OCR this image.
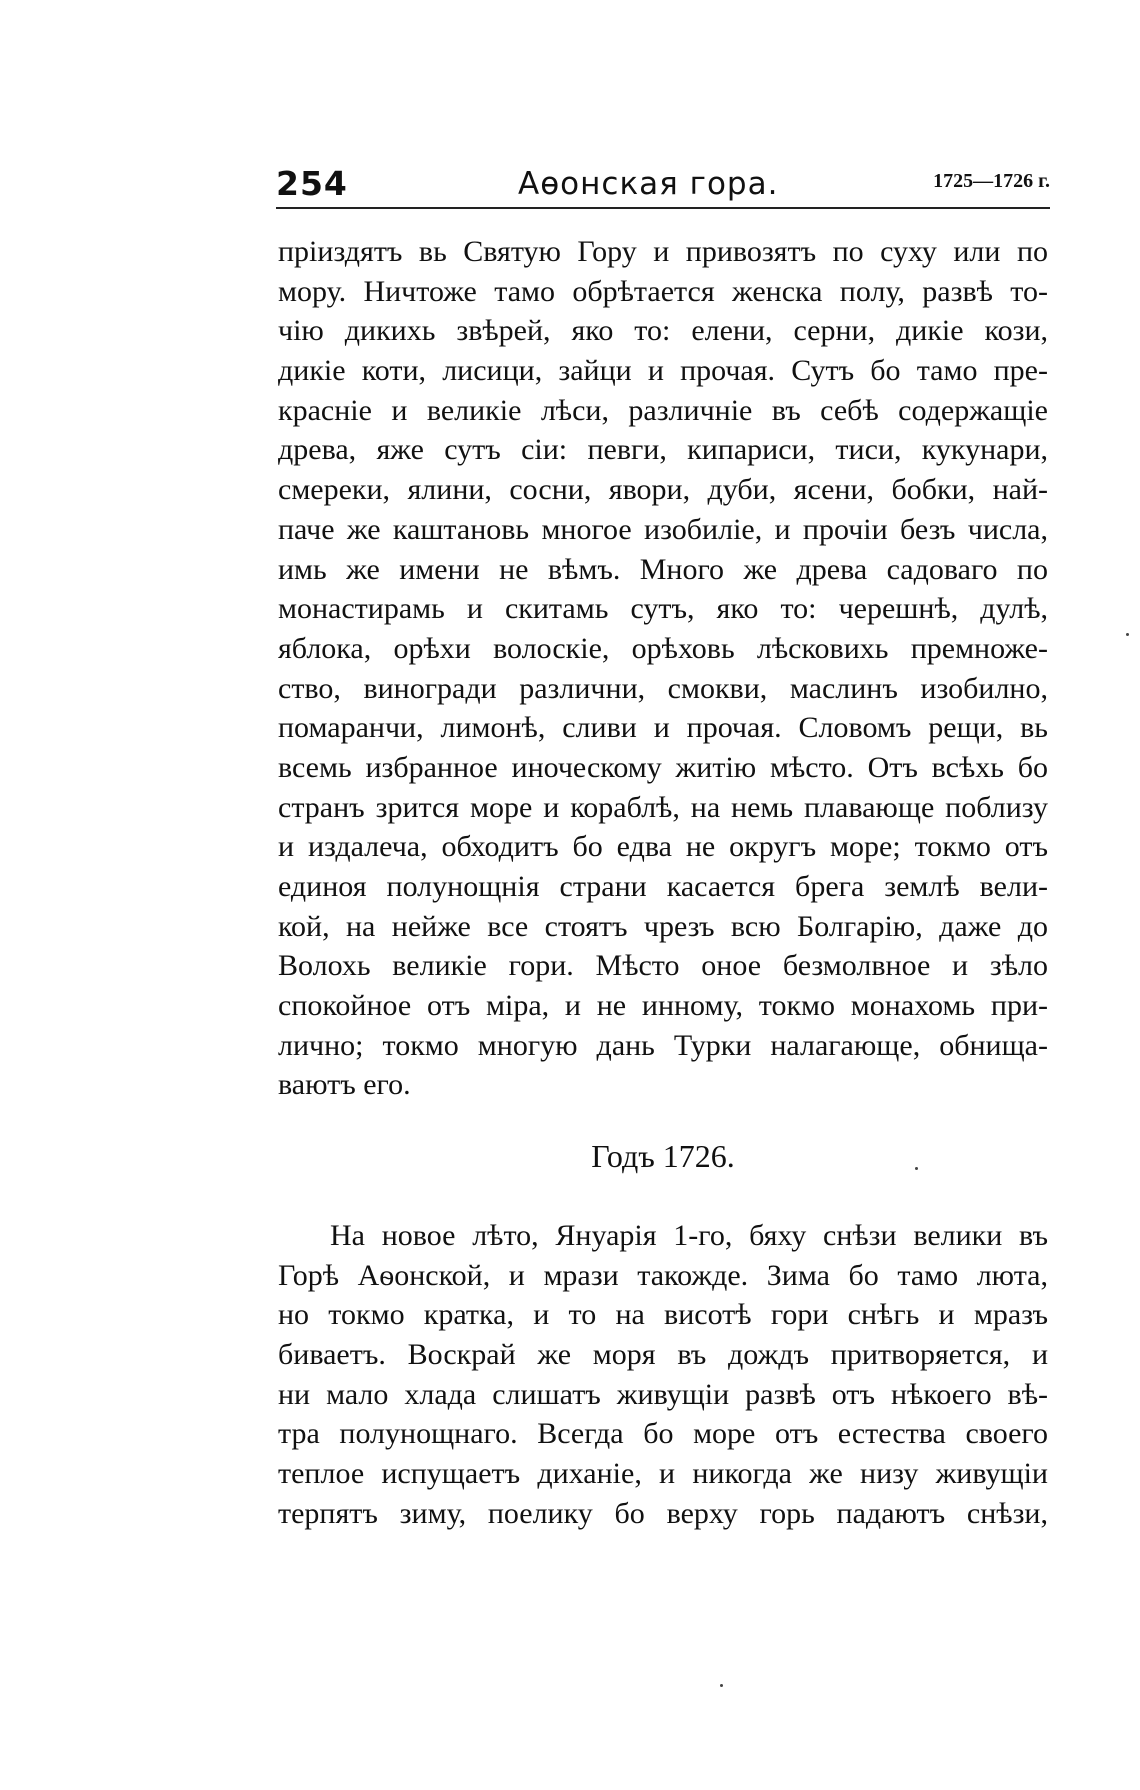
254	Аѳонская гора.	1725—1726 г.
пріиздятъ вь Святую Гору и привозятъ по суху или по
мору. Ничтоже тамо обрѣтается женска полу, развѣ то-
чію дикихь звѣрей, яко то: елени, серни, дикіе кози,
дикіе коти, лисици, зайци и прочая. Сутъ бо тамо пре-
красніе и великіе лѣси, различніе въ себѣ содержащіе
древа, яже сутъ сіи: певги, кипариси, тиси, кукунари,
смереки, ялини, сосни, явори, дуби, ясени, бобки, най-
паче же каштановь многое изобиліе, и прочіи безъ числа,
имь же имени не вѣмъ. Много же древа садоваго по
монастирамь и скитамь сутъ, яко то: черешнѣ, дулѣ,
яблока, орѣхи волоскіе, орѣховь лѣсковихь премноже-
ство, виногради различни, смокви, маслинъ изобилно,
помаранчи, лимонѣ, сливи и прочая. Словомъ рещи, вь
всемь избранное иноческому житію мѣсто. Отъ всѣхь бо
странъ зрится море и кораблѣ, на немь плавающе поблизу
и издалеча, обходитъ бо едва не округъ море; токмо отъ
единоя полунощнія страни касается брега землѣ вели-
кой, на нейже все стоятъ чрезъ всю Болгарію, даже до
Волохь великіе гори. Мѣсто оное безмолвное и зѣло
спокойное отъ міра, и не инному, токмо монахомь при-
лично; токмо многую дань Турки налагающе, обнища-
ваютъ его.
Годъ 1726.
На новое лѣто, Януарія 1-го, бяху снѣзи велики въ
Горѣ Аѳонской, и мрази такожде. Зима бо тамо люта,
но токмо кратка, и то на висотѣ гори снѣгь и мразъ
биваетъ. Воскрай же моря въ дождъ притворяется, и
ни мало хлада слишатъ живущіи развѣ отъ нѣкоего вѣ-
тра полунощнаго. Всегда бо море отъ естества своего
теплое испущаетъ диханіе, и никогда же низу живущіи
терпятъ зиму, поелику бо верху горь падаютъ снѣзи,
